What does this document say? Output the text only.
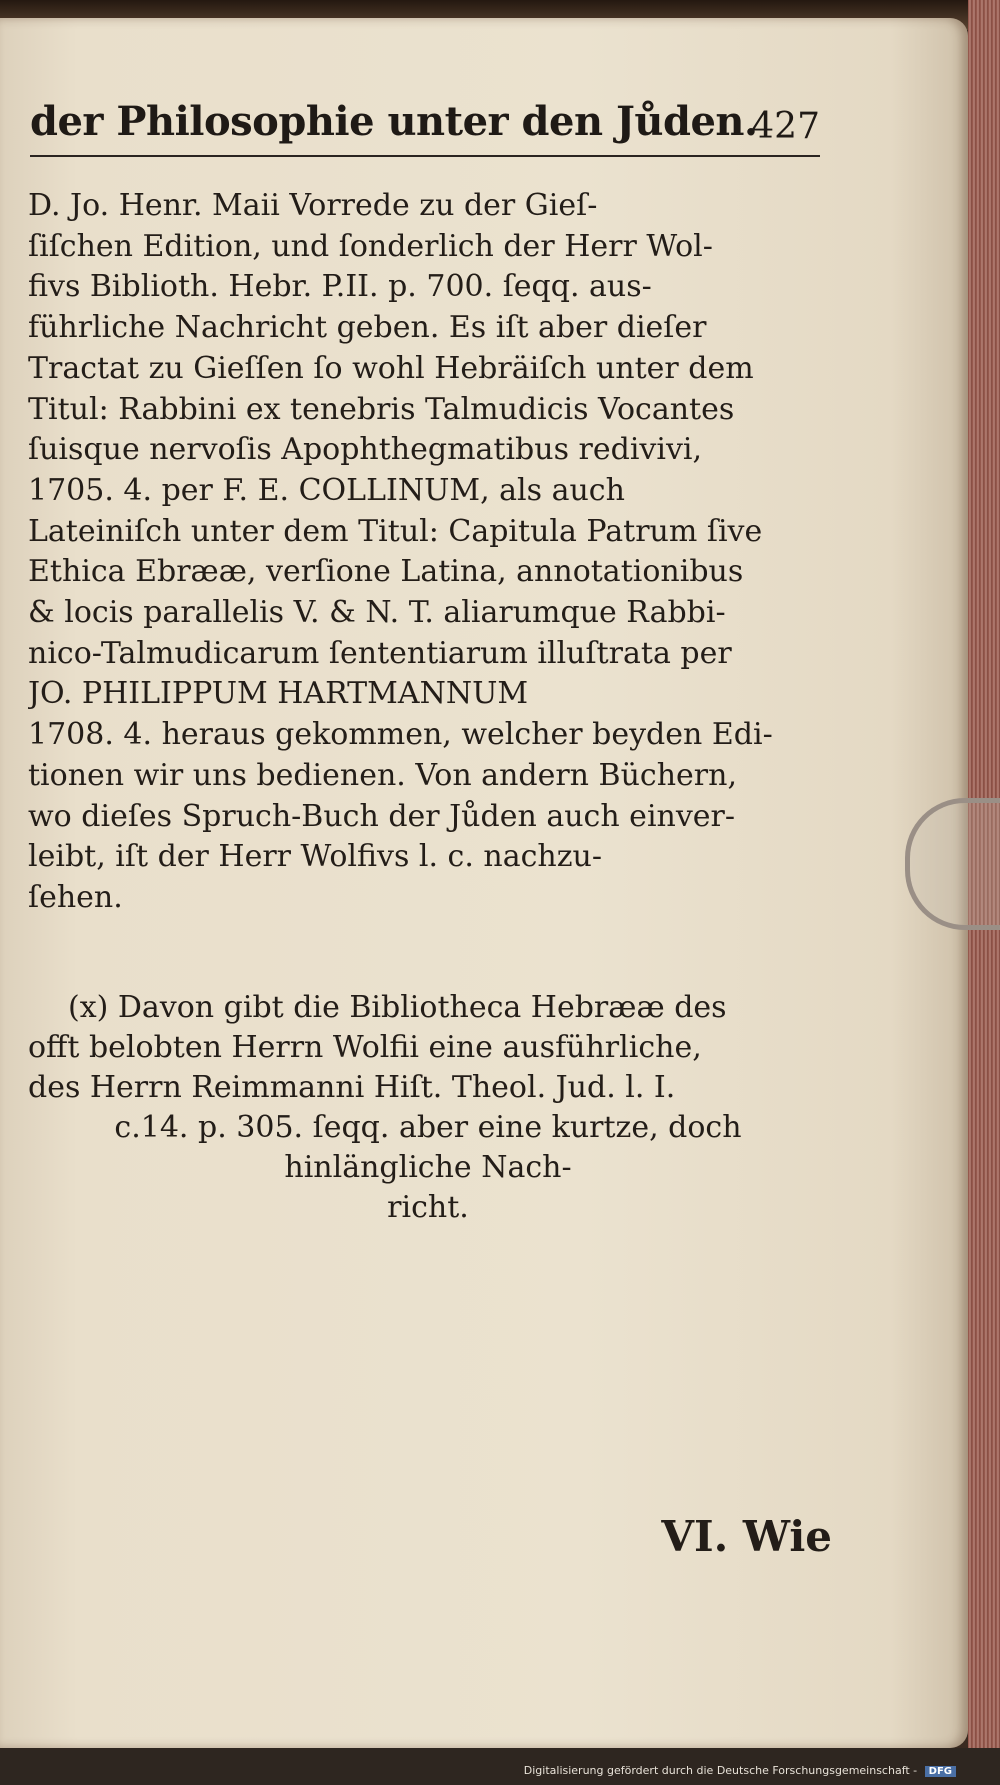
der Philosophie unter den Jůden.
427

D. Jo. Henr. Maii Vorrede zu der Gieſ-
ſiſchen Edition, und ſonderlich der Herr Wol-
fivs Biblioth. Hebr. P.II. p. 700. ſeqq. aus-
führliche Nachricht geben. Es iſt aber dieſer
Tractat zu Gieſſen ſo wohl Hebräiſch unter dem
Titul: Rabbini ex tenebris Talmudicis Vocantes
ſuisque nervoſis Apophthegmatibus redivivi,
1705. 4. per F. E. COLLINUM, als auch
Lateiniſch unter dem Titul: Capitula Patrum ſive
Ethica Ebrææ, verſione Latina, annotationibus
& locis parallelis V. & N. T. aliarumque Rabbi-
nico-Talmudicarum ſententiarum illuſtrata per
JO. PHILIPPUM HARTMANNUM
1708. 4. heraus gekommen, welcher beyden Edi-
tionen wir uns bedienen. Von andern Büchern,
wo dieſes Spruch-Buch der Jůden auch einver-
leibt, iſt der Herr Wolfivs l. c. nachzu-
ſehen.

(x) Davon gibt die Bibliotheca Hebrææ des
offt belobten Herrn Wolfii eine ausführliche,
des Herrn Reimmanni Hiſt. Theol. Jud. l. I.
c.14. p. 305. ſeqq. aber eine kurtze, doch
hinlängliche Nach-
richt.
VI. Wie
Digitalisierung gefördert durch die Deutsche Forschungsgemeinschaft - DFG
